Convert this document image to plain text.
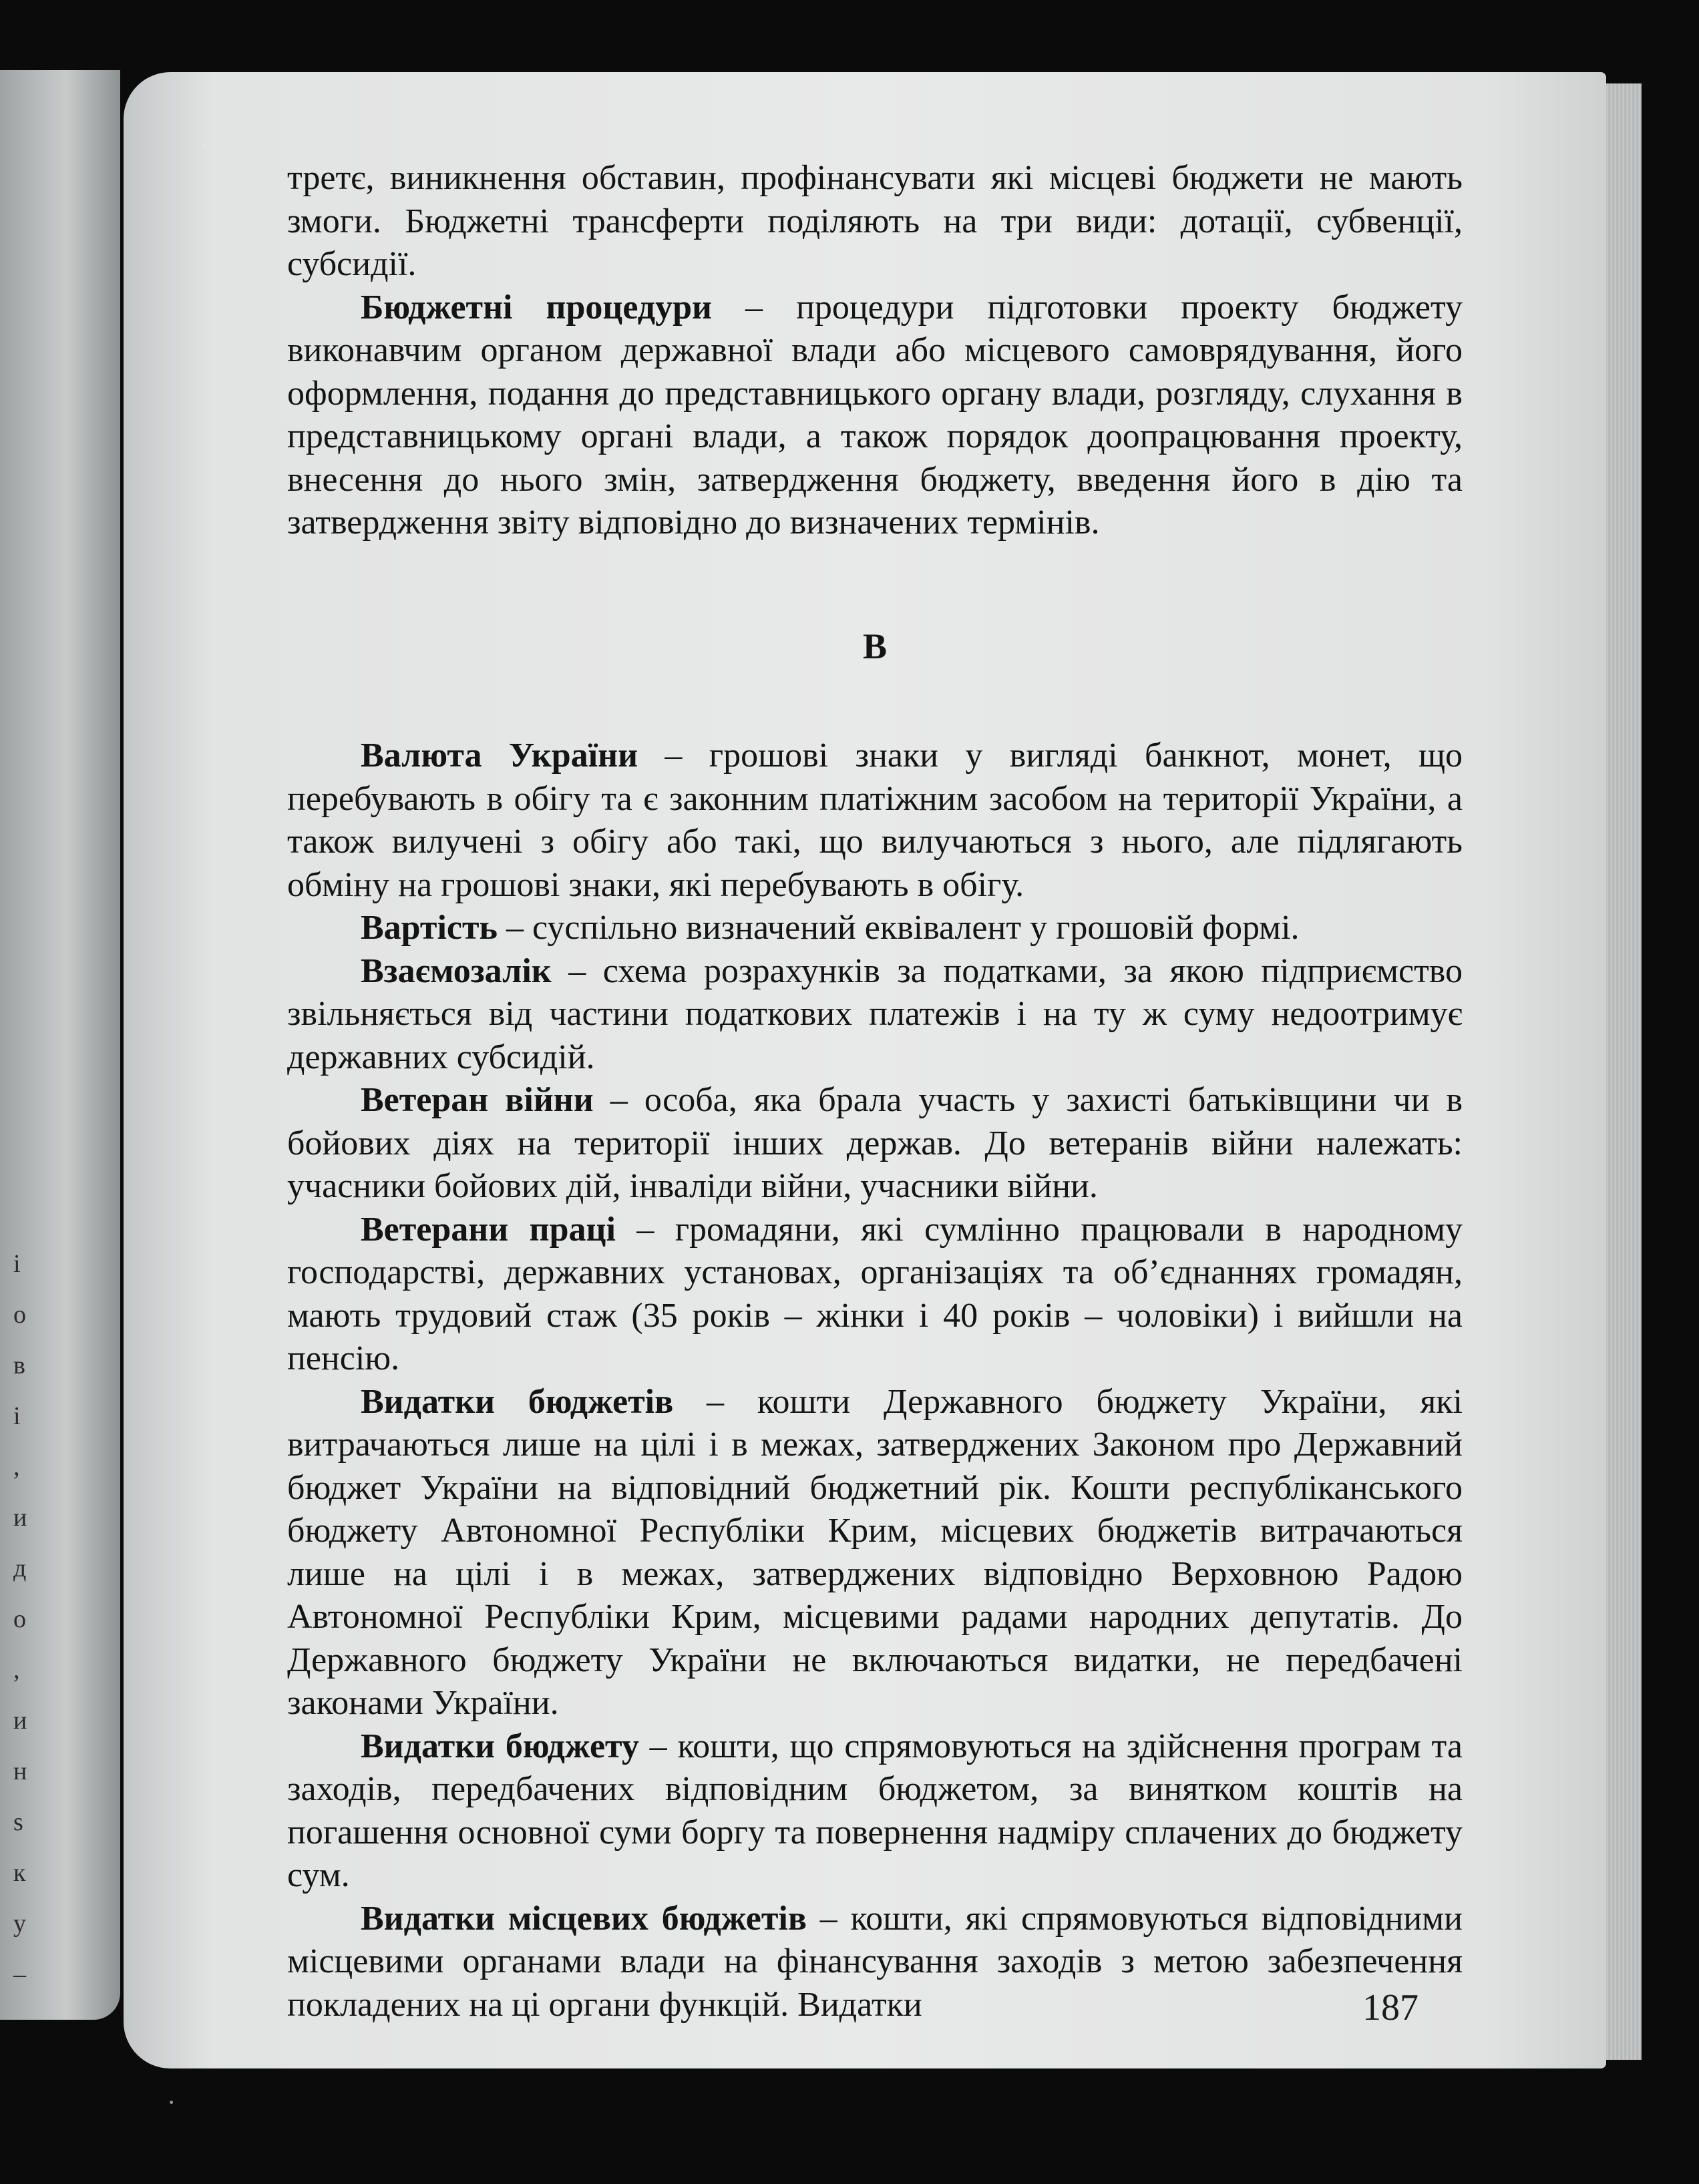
і
о
в
і
,
и
д
о
,
и
н
s
к
у
–

третє, виникнення обставин, профінансувати які місцеві бюджети не мають змоги. Бюджетні трансферти поділяють на три види: дотації, субвенції, субсидії.

Бюджетні процедури – процедури підготовки проекту бюджету виконавчим органом державної влади або місцевого самоврядування, його оформлення, подання до представницького органу влади, розгляду, слухання в представницькому органі влади, а також порядок доопрацювання проекту, внесення до нього змін, затвердження бюджету, введення його в дію та затвердження звіту відповідно до визначених термінів.

В

Валюта України – грошові знаки у вигляді банкнот, монет, що перебувають в обігу та є законним платіжним засобом на території України, а також вилучені з обігу або такі, що вилучаються з нього, але підлягають обміну на грошові знаки, які перебувають в обігу.

Вартість – суспільно визначений еквівалент у грошовій формі.

Взаємозалік – схема розрахунків за податками, за якою підприємство звільняється від частини податкових платежів і на ту ж суму недоотримує державних субсидій.

Ветеран війни – особа, яка брала участь у захисті батьківщини чи в бойових діях на території інших держав. До ветеранів війни належать: учасники бойових дій, інваліди війни, учасники війни.

Ветерани праці – громадяни, які сумлінно працювали в народному господарстві, державних установах, організаціях та об’єднаннях громадян, мають трудовий стаж (35 років – жінки і 40 років – чоловіки) і вийшли на пенсію.

Видатки бюджетів – кошти Державного бюджету України, які витрачаються лише на цілі і в межах, затверджених Законом про Державний бюджет України на відповідний бюджетний рік. Кошти республіканського бюджету Автономної Республіки Крим, місцевих бюджетів витрачаються лише на цілі і в межах, затверджених відповідно Верховною Радою Автономної Республіки Крим, місцевими радами народних депутатів. До Державного бюджету України не включаються видатки, не передбачені законами України.

Видатки бюджету – кошти, що спрямовуються на здійснення програм та заходів, передбачених відповідним бюджетом, за винятком коштів на погашення основної суми боргу та повернення надміру сплачених до бюджету сум.

Видатки місцевих бюджетів – кошти, які спрямовуються відповідними місцевими органами влади на фінансування заходів з метою забезпечення покладених на ці органи функцій. Видатки	187
·
·
